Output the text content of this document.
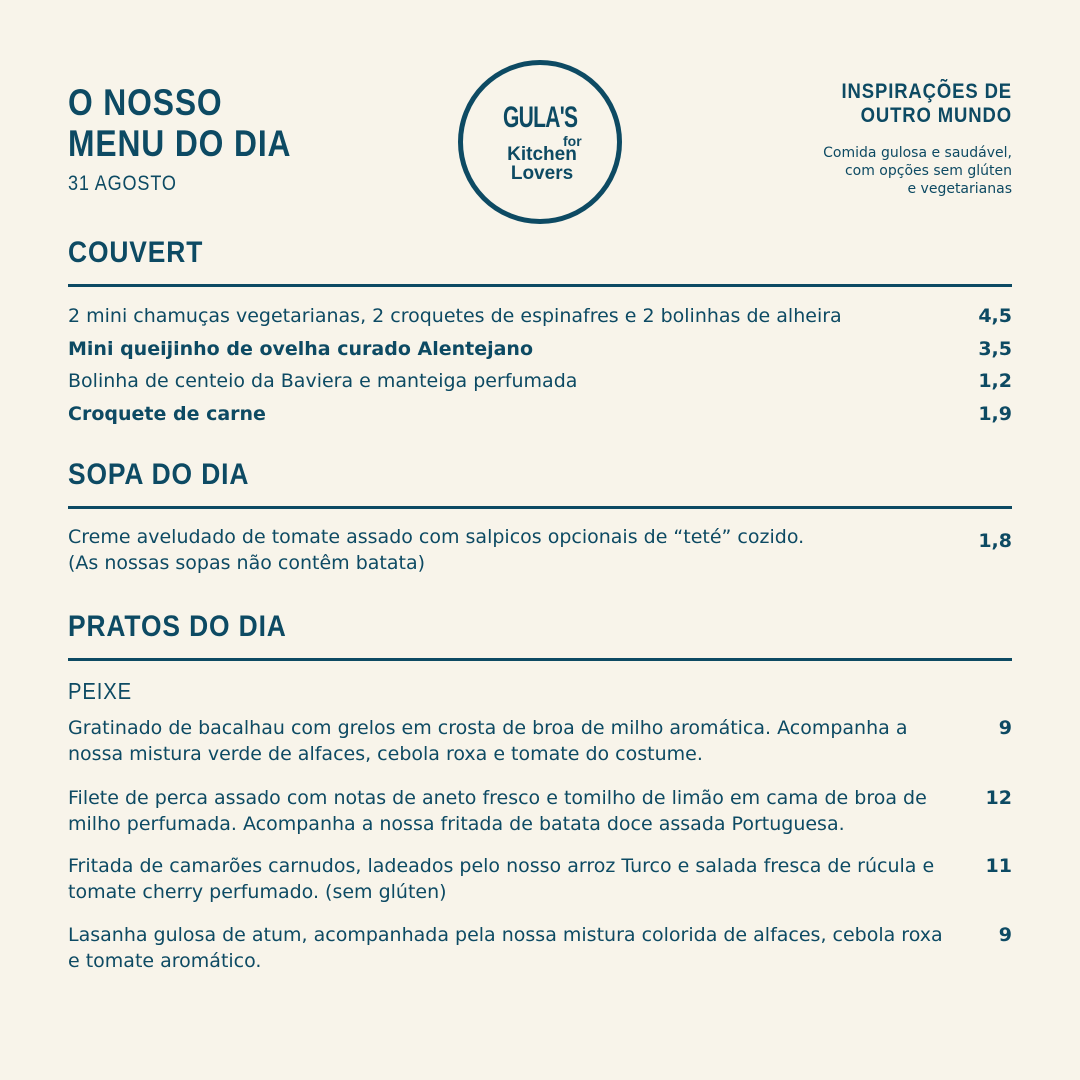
O NOSSO
MENU DO DIA
31 AGOSTO
GULA'S
for
Kitchen
Lovers
INSPIRAÇÕES DE
OUTRO MUNDO
Comida gulosa e saudável,
com opções sem glúten
e vegetarianas
COUVERT
2 mini chamuças vegetarianas, 2 croquetes de espinafres e 2 bolinhas de alheira	4,5
Mini queijinho de ovelha curado Alentejano	3,5
Bolinha de centeio da Baviera e manteiga perfumada	1,2
Croquete de carne	1,9
SOPA DO DIA
Creme aveludado de tomate assado com salpicos opcionais de “teté” cozido.
(As nossas sopas não contêm batata)
1,8
PRATOS DO DIA
PEIXE
Gratinado de bacalhau com grelos em crosta de broa de milho aromática. Acompanha a nossa mistura verde de alfaces, cebola roxa e tomate do costume.
9
Filete de perca assado com notas de aneto fresco e tomilho de limão em cama de broa de milho perfumada. Acompanha a nossa fritada de batata doce assada Portuguesa.
12
Fritada de camarões carnudos, ladeados pelo nosso arroz Turco e salada fresca de rúcula e tomate cherry perfumado. (sem glúten)
11
Lasanha gulosa de atum, acompanhada pela nossa mistura colorida de alfaces, cebola roxa e tomate aromático.
9
